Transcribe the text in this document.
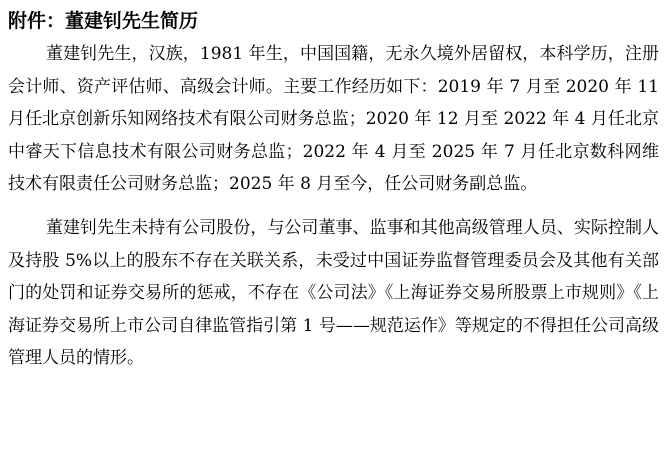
附件：董建钊先生简历

董建钊先生，汉族，1981 年生，中国国籍，无永久境外居留权，本科学历，注册会计师、资产评估师、高级会计师。主要工作经历如下：2019 年 7 月至 2020 年 11 月任北京创新乐知网络技术有限公司财务总监；2020 年 12 月至 2022 年 4 月任北京中睿天下信息技术有限公司财务总监；2022 年 4 月至 2025 年 7 月任北京数科网维技术有限责任公司财务总监；2025 年 8 月至今，任公司财务副总监。

董建钊先生未持有公司股份，与公司董事、监事和其他高级管理人员、实际控制人及持股 5%以上的股东不存在关联关系，未受过中国证券监督管理委员会及其他有关部门的处罚和证券交易所的惩戒，不存在《公司法》《上海证券交易所股票上市规则》《上海证券交易所上市公司自律监管指引第 1 号——规范运作》等规定的不得担任公司高级管理人员的情形。
